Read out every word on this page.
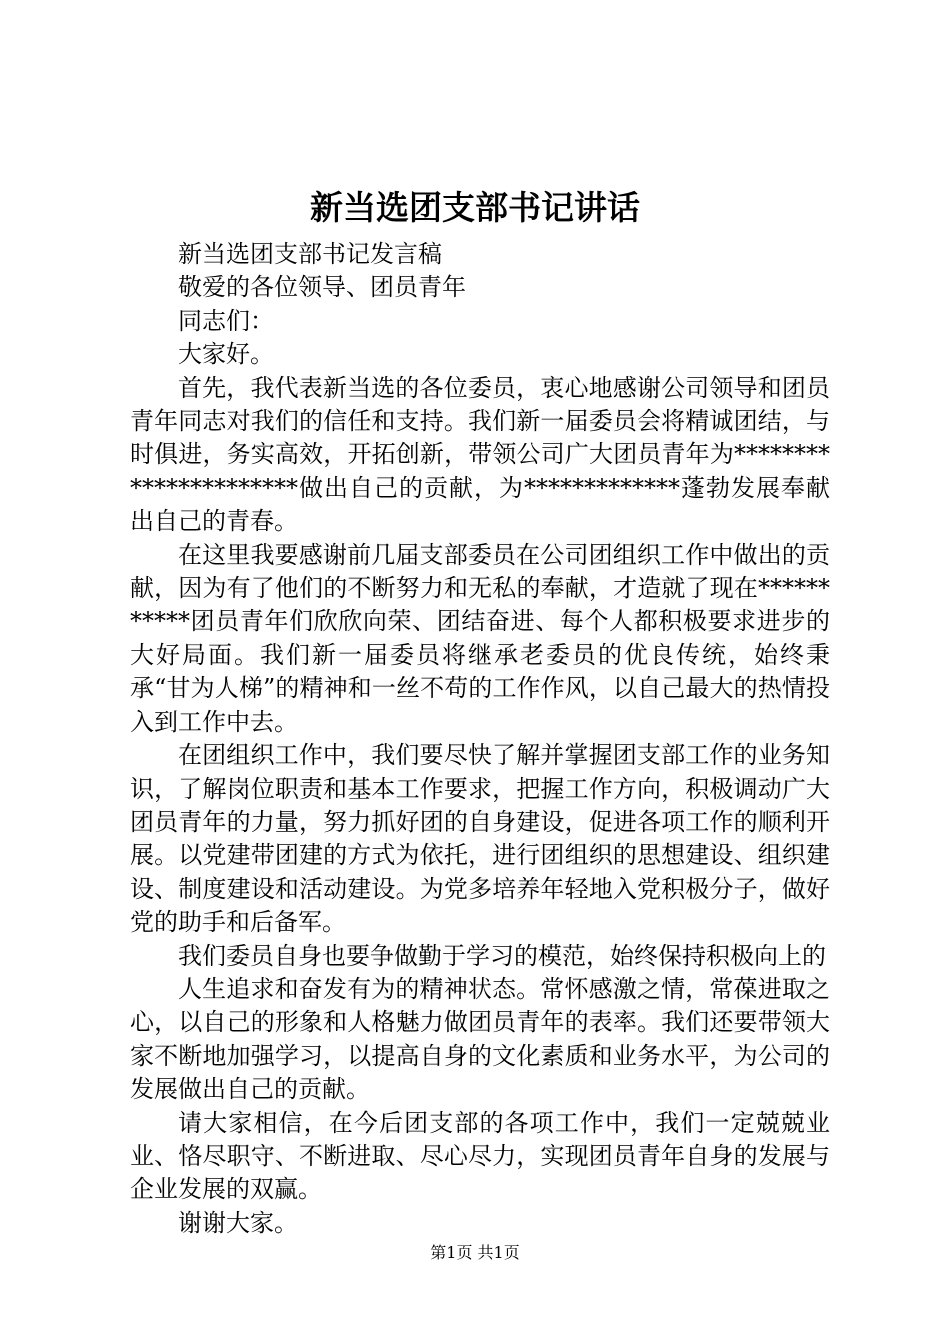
新当选团支部书记讲话

新当选团支部书记发言稿

敬爱的各位领导、团员青年

同志们：

大家好。

首先，我代表新当选的各位委员，衷心地感谢公司领导和团员青年同志对我们的信任和支持。我们新一届委员会将精诚团结，与时俱进，务实高效，开拓创新，带领公司广大团员青年为**********************做出自己的贡献，为*************蓬勃发展奉献出自己的青春。

在这里我要感谢前几届支部委员在公司团组织工作中做出的贡献，因为有了他们的不断努力和无私的奉献，才造就了现在***********团员青年们欣欣向荣、团结奋进、每个人都积极要求进步的大好局面。我们新一届委员将继承老委员的优良传统，始终秉承“甘为人梯”的精神和一丝不苟的工作作风，以自己最大的热情投入到工作中去。

在团组织工作中，我们要尽快了解并掌握团支部工作的业务知识，了解岗位职责和基本工作要求，把握工作方向，积极调动广大团员青年的力量，努力抓好团的自身建设，促进各项工作的顺利开展。以党建带团建的方式为依托，进行团组织的思想建设、组织建设、制度建设和活动建设。为党多培养年轻地入党积极分子，做好党的助手和后备军。

我们委员自身也要争做勤于学习的模范，始终保持积极向上的

人生追求和奋发有为的精神状态。常怀感激之情，常葆进取之心，以自己的形象和人格魅力做团员青年的表率。我们还要带领大家不断地加强学习，以提高自身的文化素质和业务水平，为公司的发展做出自己的贡献。

请大家相信，在今后团支部的各项工作中，我们一定兢兢业业、恪尽职守、不断进取、尽心尽力，实现团员青年自身的发展与企业发展的双赢。

谢谢大家。

第1页 共1页
